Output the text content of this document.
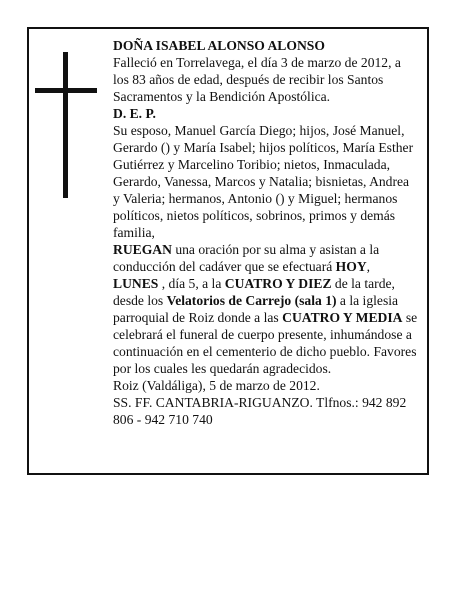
DOÑA ISABEL ALONSO ALONSO

Falleció en Torrelavega, el día 3 de marzo de 2012, a los 83 años de edad, después de recibir los Santos Sacramentos y la Bendición Apostólica.

D. E. P.

Su esposo, Manuel García Diego; hijos, José Manuel, Gerardo () y María Isabel; hijos políticos, María Esther Gutiérrez y Marcelino Toribio; nietos, Inmaculada, Gerardo, Vanessa, Marcos y Natalia; bisnietas, Andrea y Valeria; hermanos, Antonio () y Miguel; hermanos políticos, nietos políticos, sobrinos, primos y demás familia,

RUEGAN una oración por su alma y asistan a la conducción del cadáver que se efectuará HOY, LUNES , día 5, a la CUATRO Y DIEZ de la tarde, desde los Velatorios de Carrejo (sala 1) a la iglesia parroquial de Roiz donde a las CUATRO Y MEDIA se celebrará el funeral de cuerpo presente, inhumándose a continuación en el cementerio de dicho pueblo. Favores por los cuales les quedarán agradecidos.

Roiz (Valdáliga), 5 de marzo de 2012.

SS. FF. CANTABRIA-RIGUANZO. Tlfnos.: 942 892 806 - 942 710 740
